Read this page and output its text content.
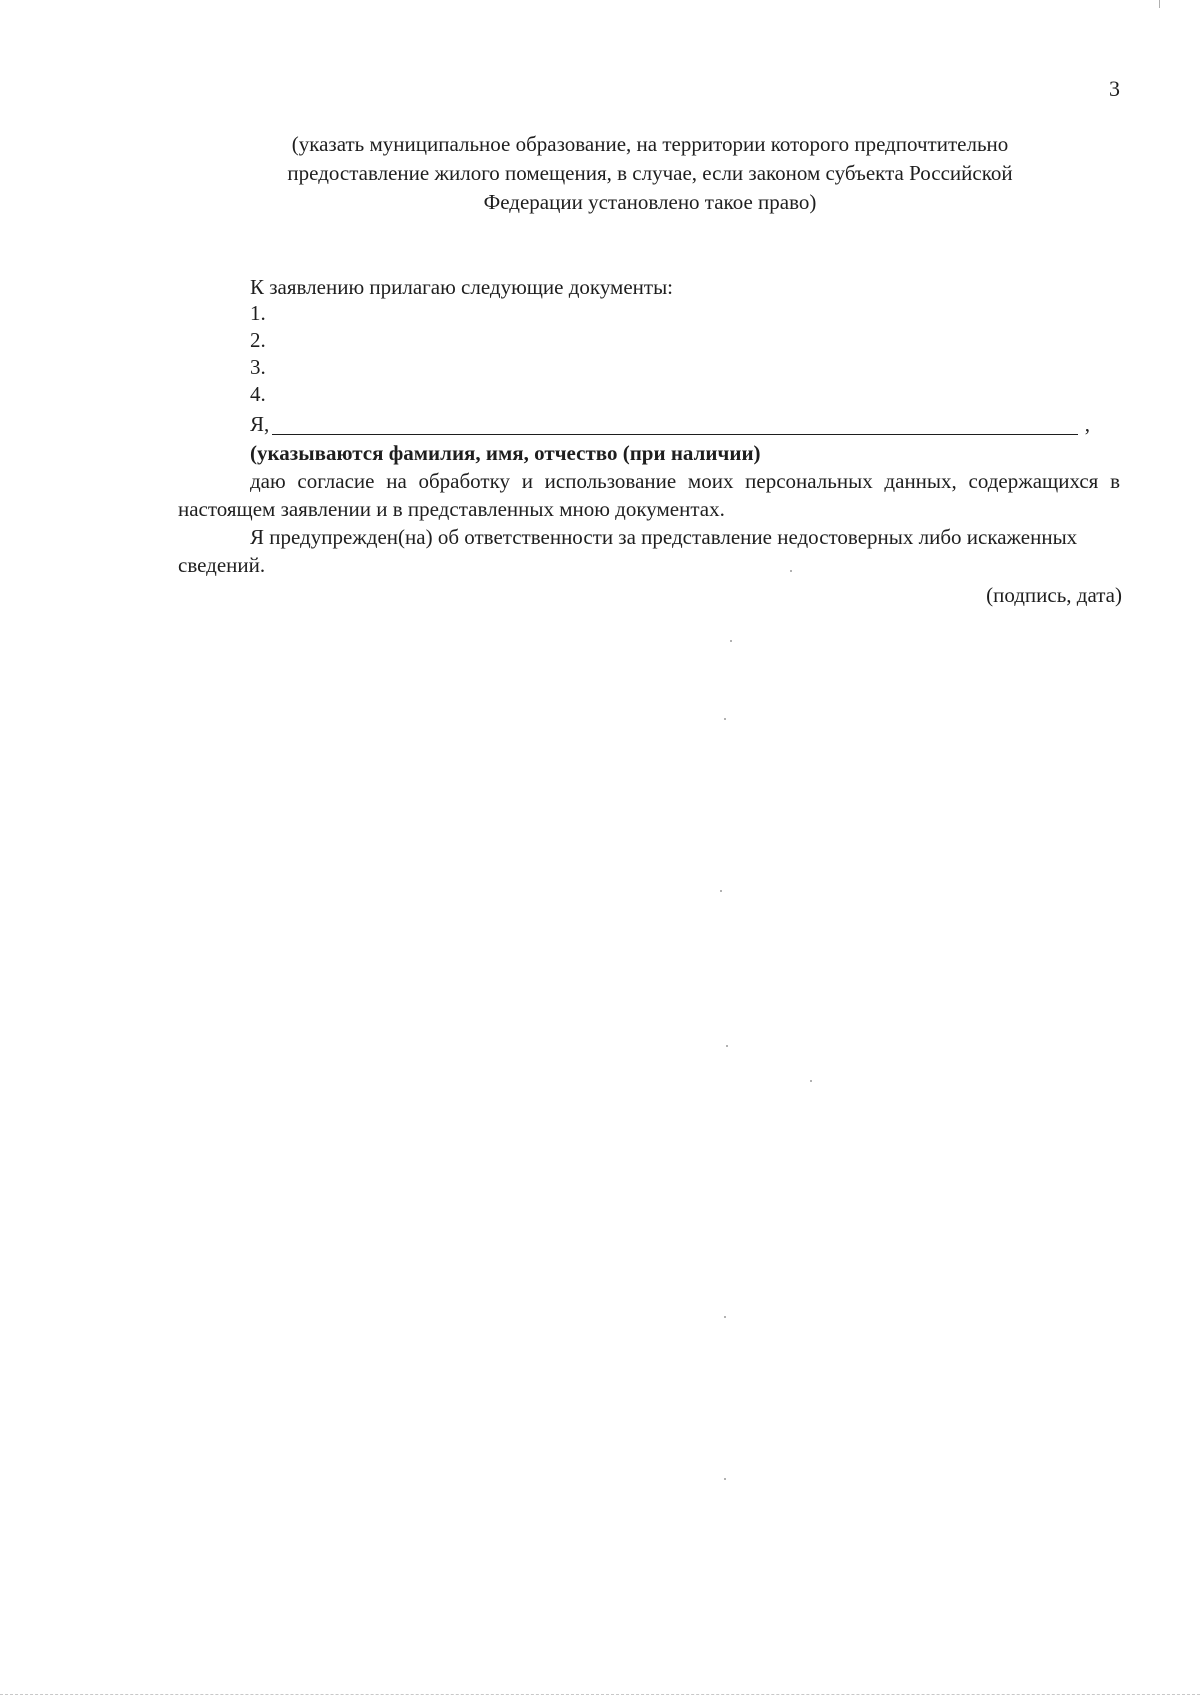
3
(указать муниципальное образование, на территории которого предпочтительно
предоставление жилого помещения, в случае, если законом субъекта Российской
Федерации установлено такое право)
К заявлению прилагаю следующие документы:
1.
2.
3.
4.
Я,	,
(указываются фамилия, имя, отчество (при наличии)

даю согласие на обработку и использование моих персональных данных, содержащихся в настоящем заявлении и в представленных мною документах.

Я предупрежден(на) об ответственности за представление недостоверных либо искаженных сведений.

(подпись, дата)
